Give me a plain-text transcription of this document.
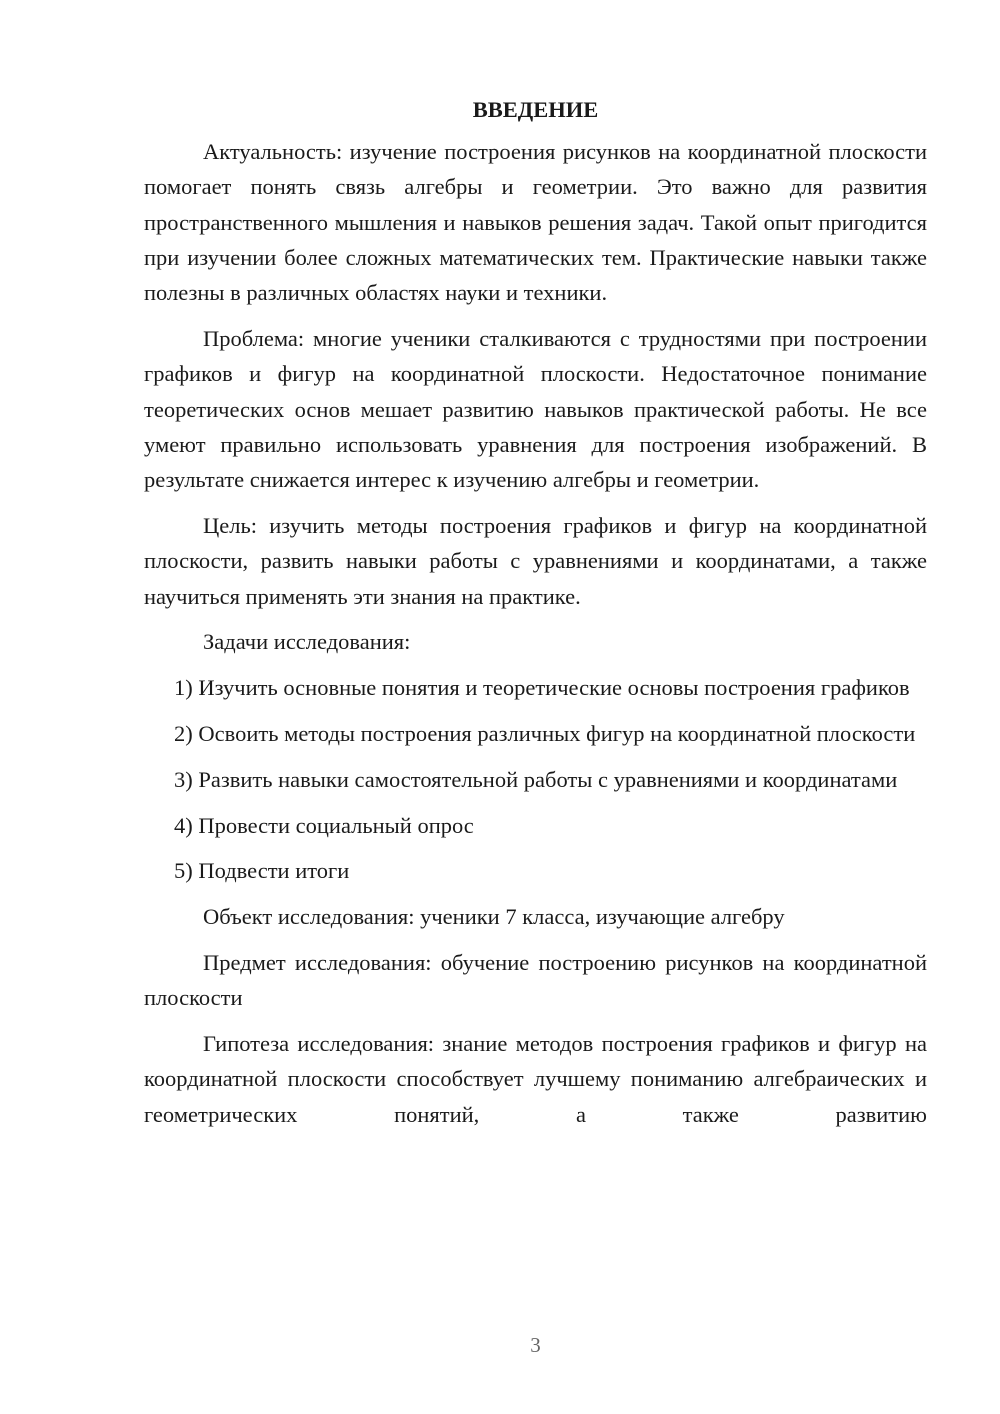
ВВЕДЕНИЕ

Актуальность: изучение построения рисунков на координатной плоскости помогает понять связь алгебры и геометрии. Это важно для развития пространственного мышления и навыков решения задач. Такой опыт пригодится при изучении более сложных математических тем. Практические навыки также полезны в различных областях науки и техники.

Проблема: многие ученики сталкиваются с трудностями при построении графиков и фигур на координатной плоскости. Недостаточное понимание теоретических основ мешает развитию навыков практической работы. Не все умеют правильно использовать уравнения для построения изображений. В результате снижается интерес к изучению алгебры и геометрии.

Цель: изучить методы построения графиков и фигур на координатной плоскости, развить навыки работы с уравнениями и координатами, а также научиться применять эти знания на практике.

Задачи исследования:

1) Изучить основные понятия и теоретические основы построения графиков

2) Освоить методы построения различных фигур на координатной плоскости

3) Развить навыки самостоятельной работы с уравнениями и координатами

4) Провести социальный опрос

5) Подвести итоги

Объект исследования: ученики 7 класса, изучающие алгебру

Предмет исследования: обучение построению рисунков на координатной плоскости

Гипотеза исследования: знание методов построения графиков и фигур на координатной плоскости способствует лучшему пониманию алгебраических и геометрических понятий, а также развитию

3
